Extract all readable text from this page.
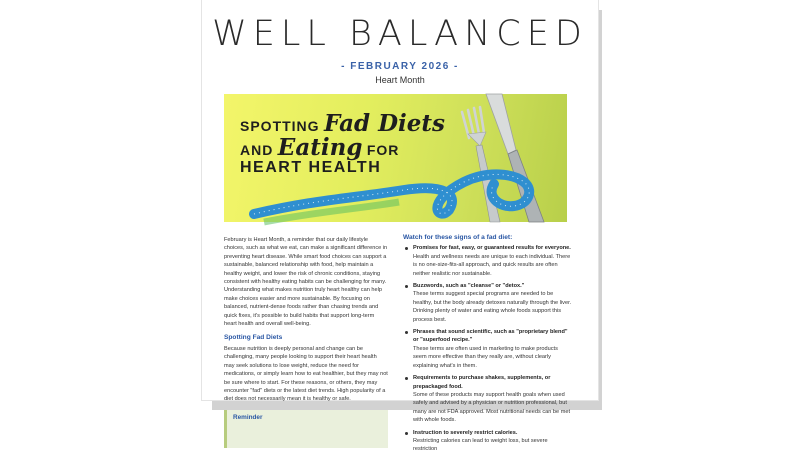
WELL BALANCED
- FEBRUARY 2026 -
Heart Month
SPOTTING Fad Diets
AND Eating FOR
HEART HEALTH

February is Heart Month, a reminder that our daily lifestyle choices, such as what we eat, can make a significant difference in preventing heart disease. While smart food choices can support a sustainable, balanced relationship with food, help maintain a healthy weight, and lower the risk of chronic conditions, staying consistent with healthy eating habits can be challenging for many. Understanding what makes nutrition truly heart healthy can help make choices easier and more sustainable. By focusing on balanced, nutrient-dense foods rather than chasing trends and quick fixes, it's possible to build habits that support long-term heart health and overall well-being.

Spotting Fad Diets

Because nutrition is deeply personal and change can be challenging, many people looking to support their heart health may seek solutions to lose weight, reduce the need for medications, or simply learn how to eat healthier, but they may not be sure where to start. For these reasons, or others, they may encounter "fad" diets or the latest diet trends. High popularity of a diet does not necessarily mean it is healthy or safe.

Reminder
Watch for these signs of a fad diet:
Promises for fast, easy, or guaranteed results for everyone.
Health and wellness needs are unique to each individual. There is no one-size-fits-all approach, and quick results are often neither realistic nor sustainable.
Buzzwords, such as "cleanse" or "detox."
These terms suggest special programs are needed to be healthy, but the body already detoxes naturally through the liver. Drinking plenty of water and eating whole foods support this process best.
Phrases that sound scientific, such as "proprietary blend" or "superfood recipe."
These terms are often used in marketing to make products seem more effective than they really are, without clearly explaining what's in them.
Requirements to purchase shakes, supplements, or prepackaged food.
Some of these products may support health goals when used safely and advised by a physician or nutrition professional, but many are not FDA approved. Most nutritional needs can be met with whole foods.
Instruction to severely restrict calories.
Restricting calories can lead to weight loss, but severe restriction
